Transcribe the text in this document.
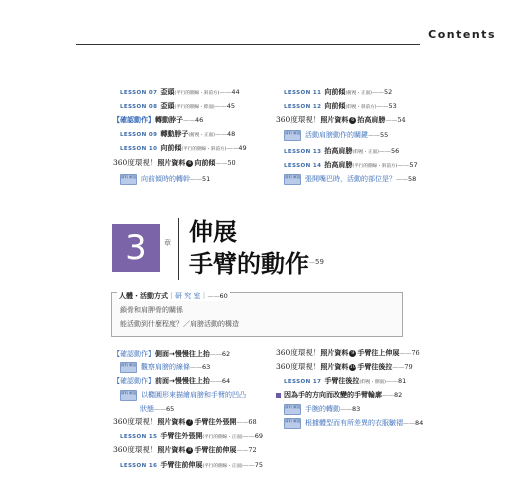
Contents
LESSON 07 歪頭(平行的側線・斜前方)——44
LESSON 08 歪頭(平行的側線・仰面)——45
【確認動作】轉動脖子——46
LESSON 09 轉動脖子(俯視・正面)——48
LESSON 10 向前傾(平行的側線・斜前方)——49
360度環視！照片資料 6 向前傾——50
資料 解說 向前傾時的轉幹——51
LESSON 11 向前傾(俯視・正面)——52
LESSON 12 向前傾(仰視・斜前方)——53
360度環視！照片資料 6 抬高肩膀——54
資料 解說 活動肩膀動作的關鍵——55
LESSON 13 抬高肩膀(仰視・正面)——56
LESSON 14 抬高肩膀(平行的側線・斜前方)——57
資料 解說 張開嘴巴時，活動的部位是？——58
3	章 伸展
手臂的動作 —59
人體・活動方式｜研 究 室｜——60
鎖骨和肩胛骨的關係
能活動到什麼程度？／肩膀活動的構造
【確認動作】側面→慢慢往上抬——62
資料 解說 觀察肩膀的線條——63
【確認動作】前面→慢慢往上抬——64
資料 解說 以橢圓形來描繪肩膀和手臂的凹凸
狀態——65
360度環視！照片資料 7 手臂往外張開——68
LESSON 15 手臂往外張開(平行的側線・正面)——69
360度環視！照片資料 8 手臂往前伸展——72
LESSON 16 手臂往前伸展(平行的側線・正面)——75
360度環視！照片資料 9 手臂往上伸展——76
360度環視！照片資料10手臂往後拉——79
LESSON 17 手臂往後拉(仰視・側面)——81
因為手的方向而改變的手臂輪廓——82
資料 解說 手腕的轉動——83
資料 解說 根據體型而有所差異的衣服皺褶——84
